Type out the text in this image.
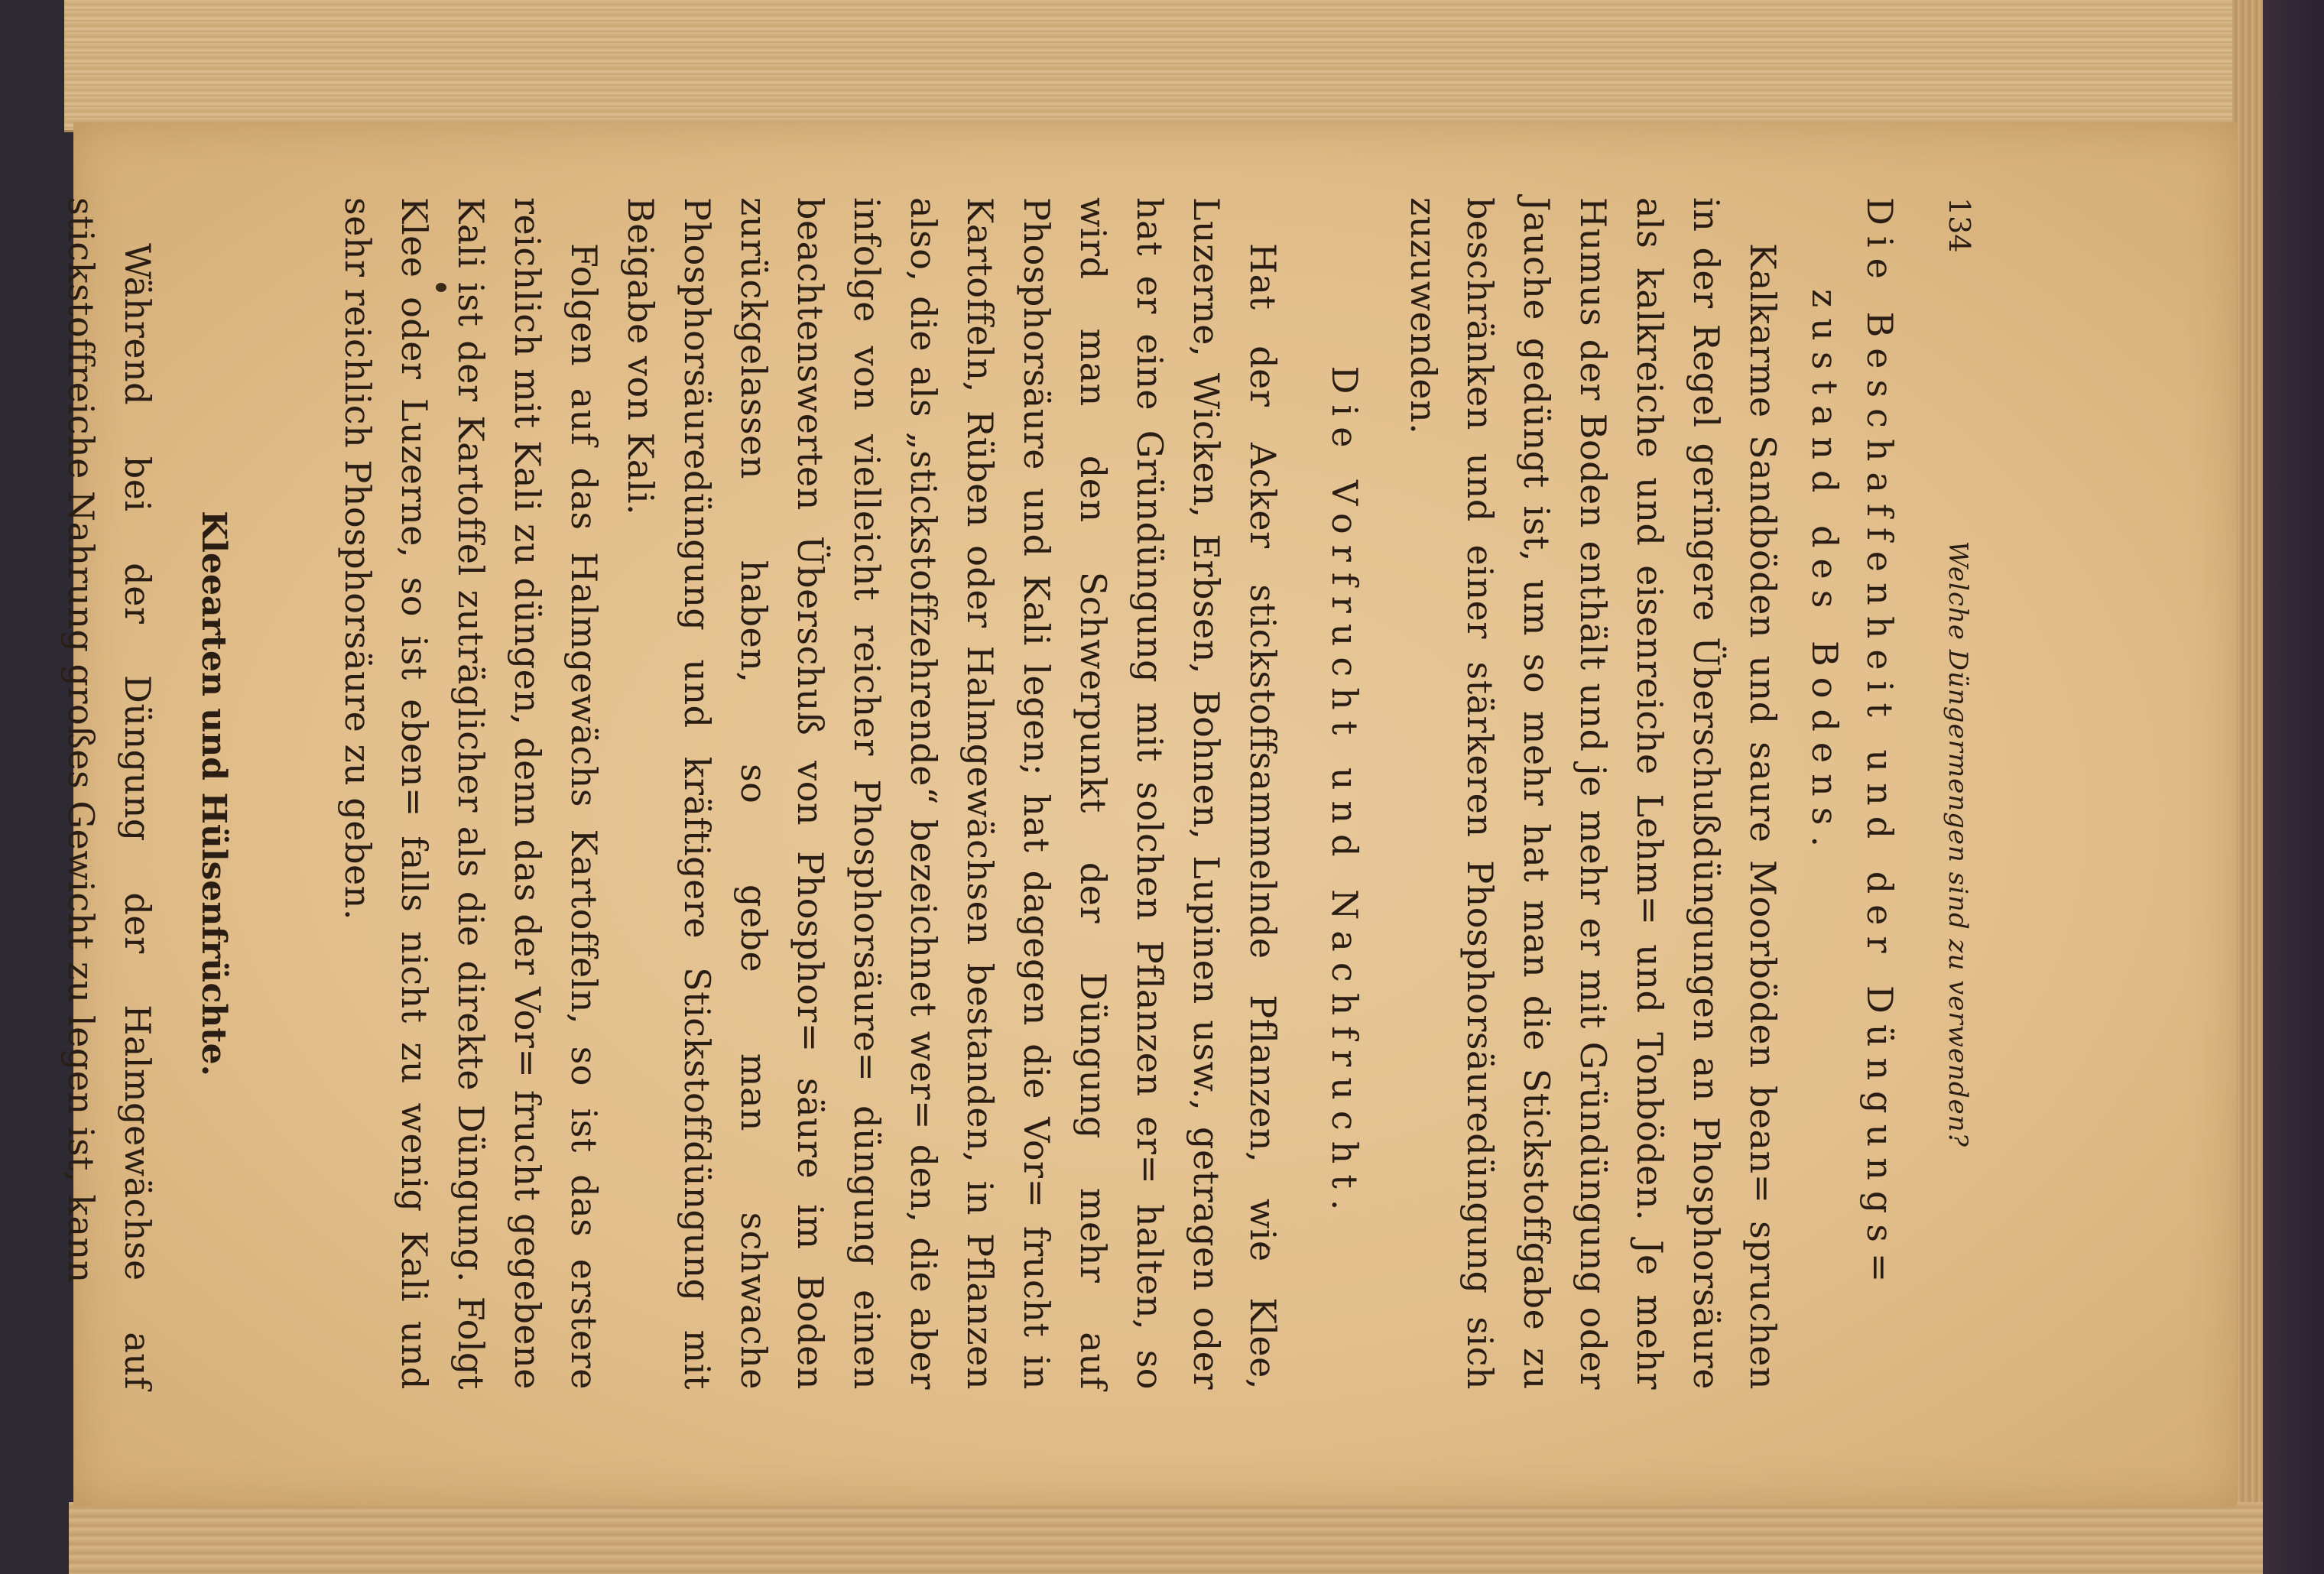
134
Welche Düngermengen sind zu verwenden?

Die Beschaffenheit und der Düngungs=

zustand des Bodens.

Kalkarme Sandböden und saure Moorböden bean= spruchen in der Regel geringere Überschußdüngungen an Phosphorsäure als kalkreiche und eisenreiche Lehm= und Tonböden. Je mehr Humus der Boden enthält und je mehr er mit Gründüngung oder Jauche gedüngt ist, um so mehr hat man die Stickstoffgabe zu beschränken und einer stärkeren Phosphorsäuredüngung sich zuzuwenden.

Die Vorfrucht und Nachfrucht.

Hat der Acker stickstoffsammelnde Pflanzen, wie Klee, Luzerne, Wicken, Erbsen, Bohnen, Lupinen usw., getragen oder hat er eine Gründüngung mit solchen Pflanzen er= halten, so wird man den Schwerpunkt der Düngung mehr auf Phosphorsäure und Kali legen; hat dagegen die Vor= frucht in Kartoffeln, Rüben oder Halmgewächsen bestanden, in Pflanzen also, die als „stickstoffzehrende“ bezeichnet wer= den, die aber infolge von vielleicht reicher Phosphorsäure= düngung einen beachtenswerten Überschuß von Phosphor= säure im Boden zurückgelassen haben, so gebe man schwache Phosphorsäuredüngung und kräftigere Stickstoffdüngung mit Beigabe von Kali.

Folgen auf das Halmgewächs Kartoffeln, so ist das erstere reichlich mit Kali zu düngen, denn das der Vor= frucht gegebene Kali ist der Kartoffel zuträglicher als die direkte Düngung. Folgt Klee oder Luzerne, so ist eben= falls nicht zu wenig Kali und sehr reichlich Phosphorsäure zu geben.

Kleearten und Hülsenfrüchte.

Während bei der Düngung der Halmgewächse auf stickstoffreiche Nahrung großes Gewicht zu legen ist, kann
